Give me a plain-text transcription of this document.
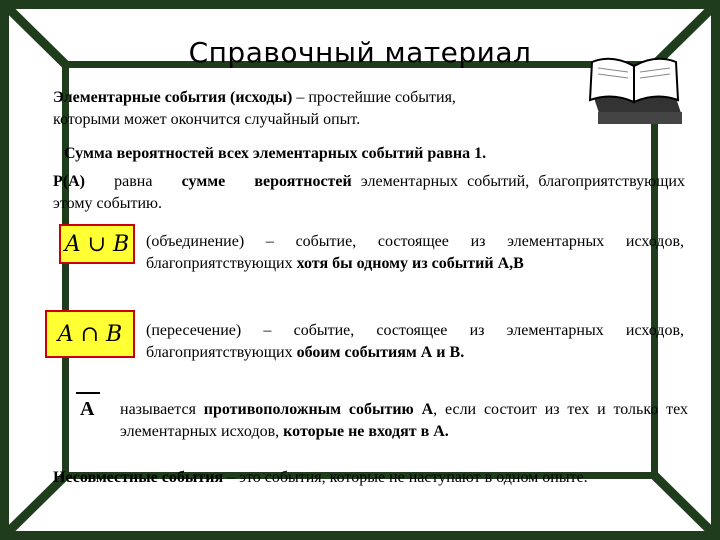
Справочный материал
Элементарные события (исходы) – простейшие события,
которыми может окончится случайный опыт.
Сумма вероятностей всех элементарных событий равна 1.
Р(А) равна сумме вероятностей элементарных событий, благоприятствующих этому событию.
A ∪ B	(объединение) – событие, состоящее из элементарных исходов, благоприятствующих хотя бы одному из событий А,В
A ∩ B	(пересечение) – событие, состоящее из элементарных исходов, благоприятствующих обоим событиям А и В.
A называется противоположным событию А, если состоит из тех и только тех элементарных исходов, которые не входят в А.
Несовместные события – это события, которые не наступают в одном опыте.
